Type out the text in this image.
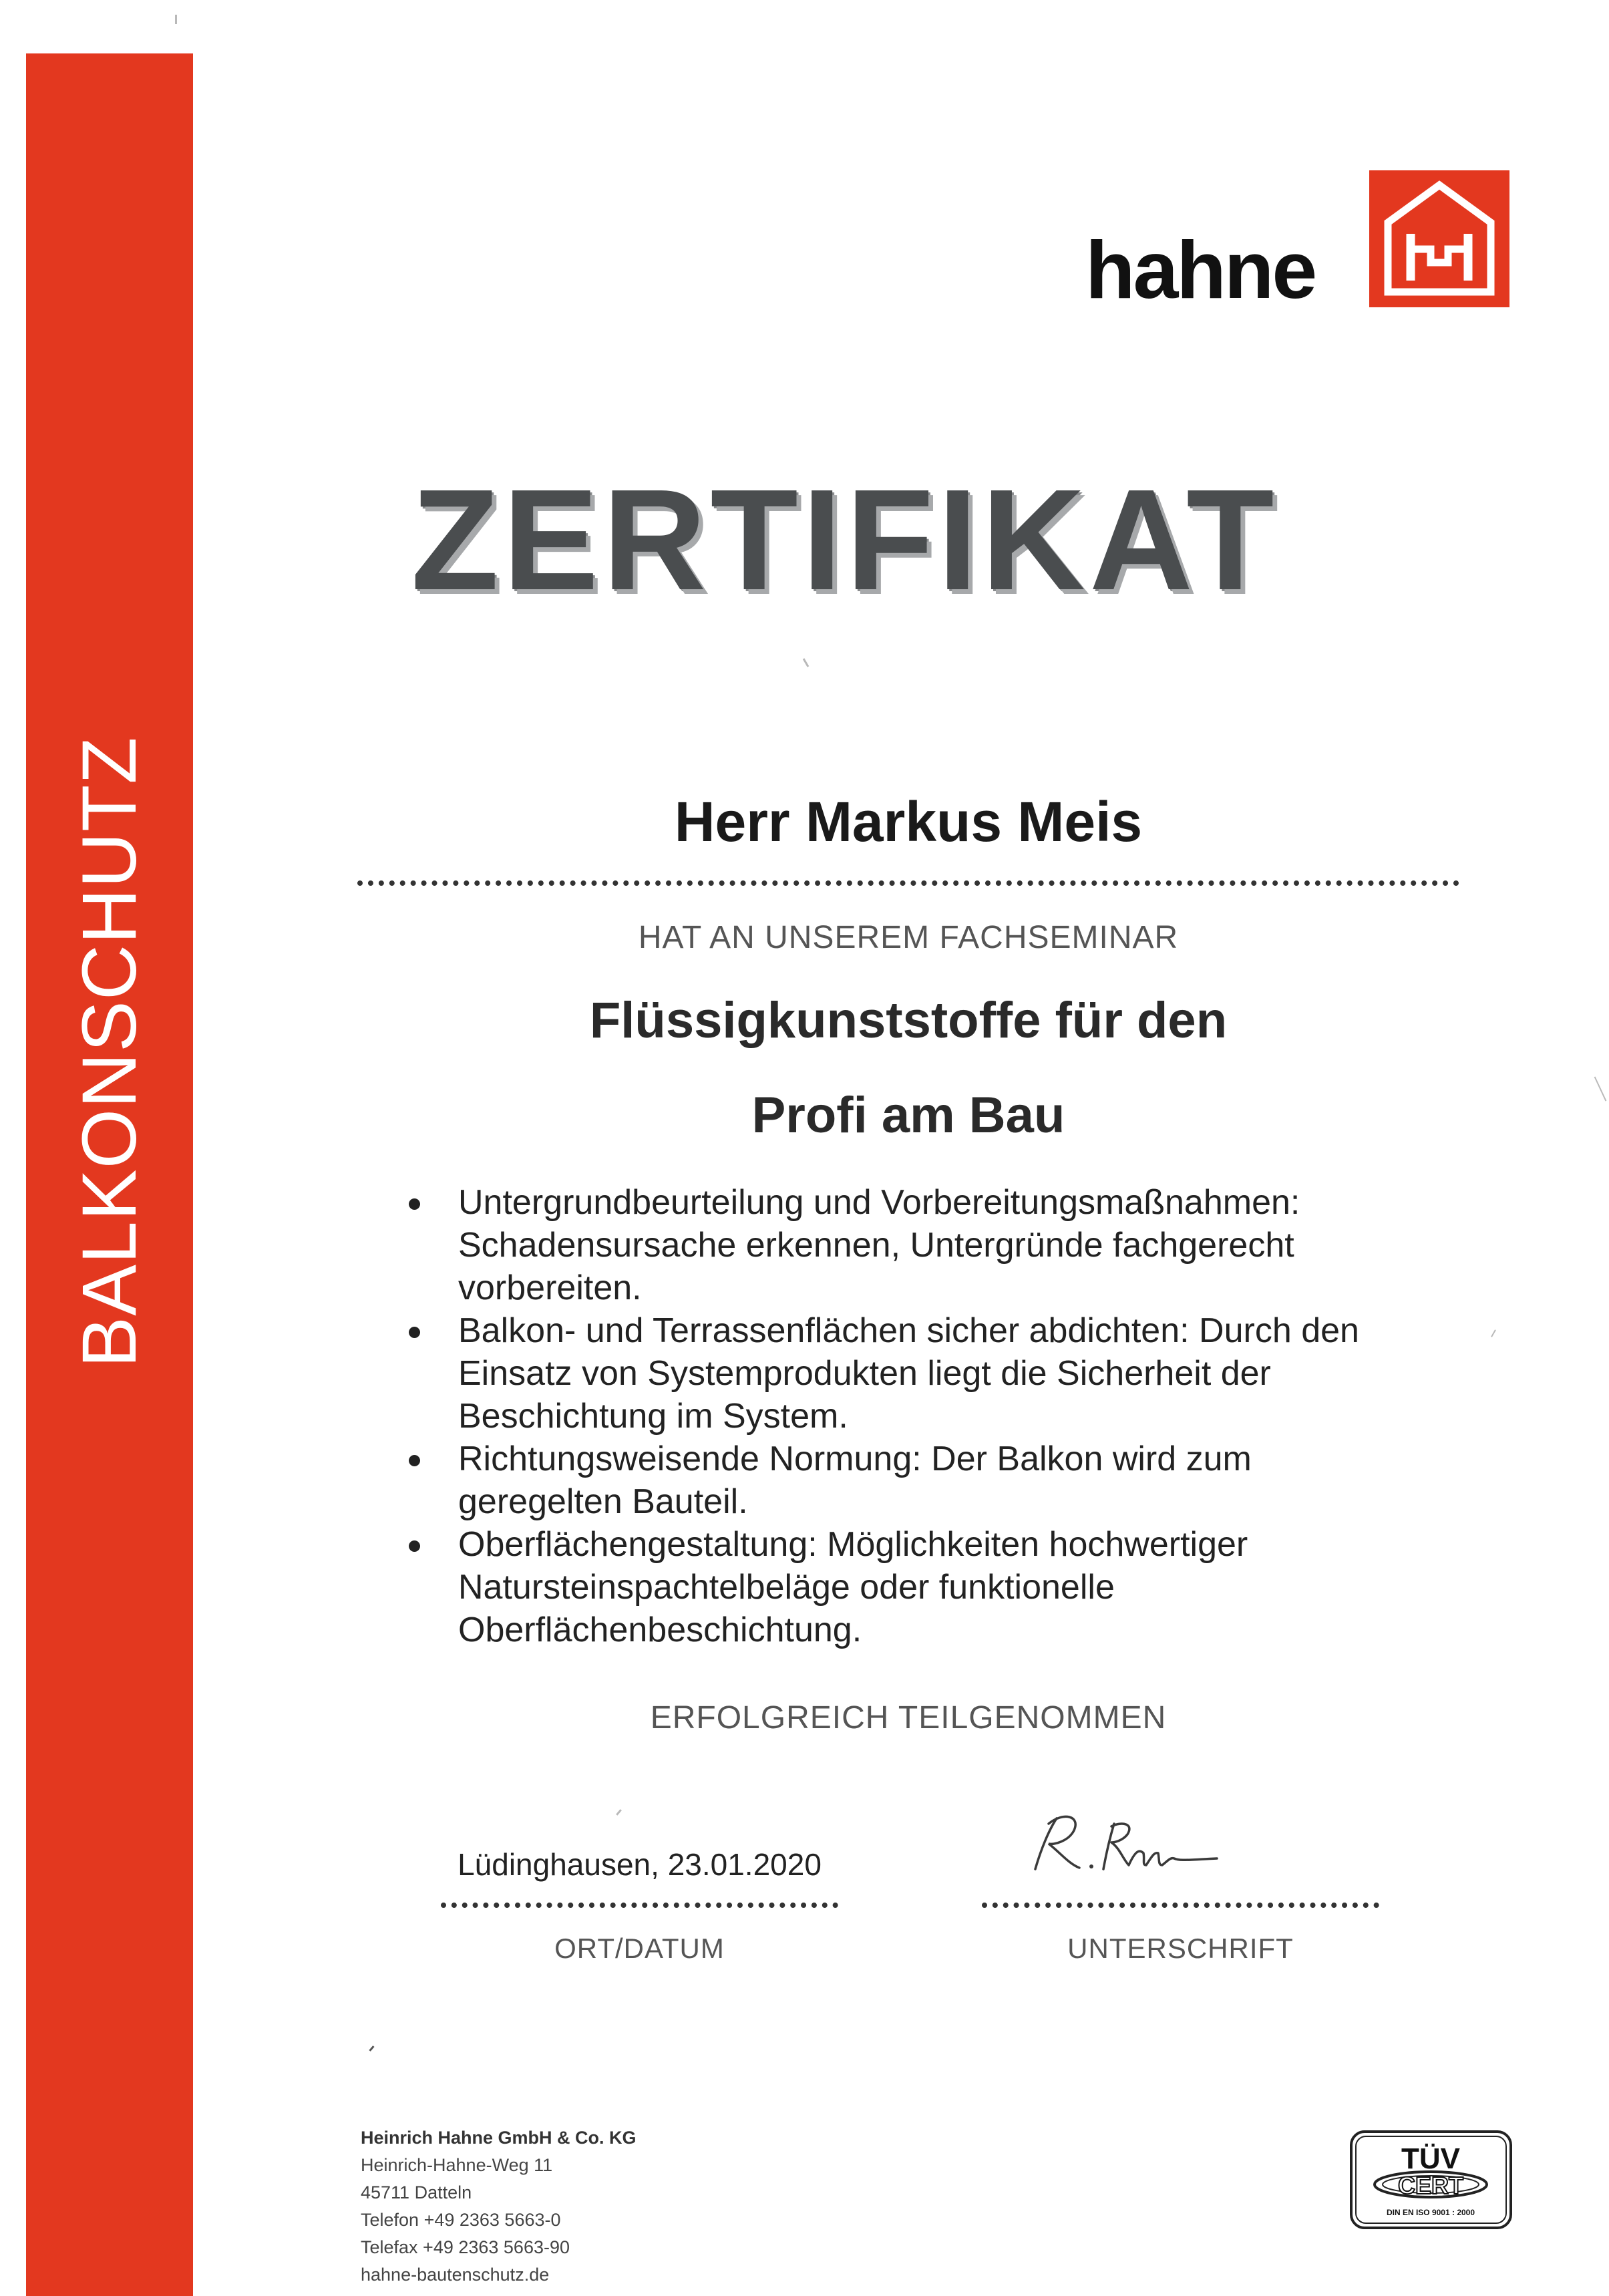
BALKONSCHUTZ
hahne
ZERTIFIKAT
Herr Markus Meis
HAT AN UNSEREM FACHSEMINAR
Flüssigkunststoffe für den
Profi am Bau
Untergrundbeurteilung und Vorbereitungsmaßnahmen:
Schadensursache erkennen, Untergründe fachgerecht
vorbereiten.
Balkon- und Terrassenflächen sicher abdichten: Durch den
Einsatz von Systemprodukten liegt die Sicherheit der
Beschichtung im System.
Richtungsweisende Normung: Der Balkon wird zum
geregelten Bauteil.
Oberflächengestaltung: Möglichkeiten hochwertiger
Natursteinspachtelbeläge oder funktionelle
Oberflächenbeschichtung.
ERFOLGREICH TEILGENOMMEN
Lüdinghausen, 23.01.2020
ORT/DATUM	UNTERSCHRIFT
Heinrich Hahne GmbH & Co. KG
Heinrich-Hahne-Weg 11
45711 Datteln
Telefon +49 2363 5663-0
Telefax +49 2363 5663-90
hahne-bautenschutz.de
TÜV
CERT
DIN EN ISO 9001 : 2000
